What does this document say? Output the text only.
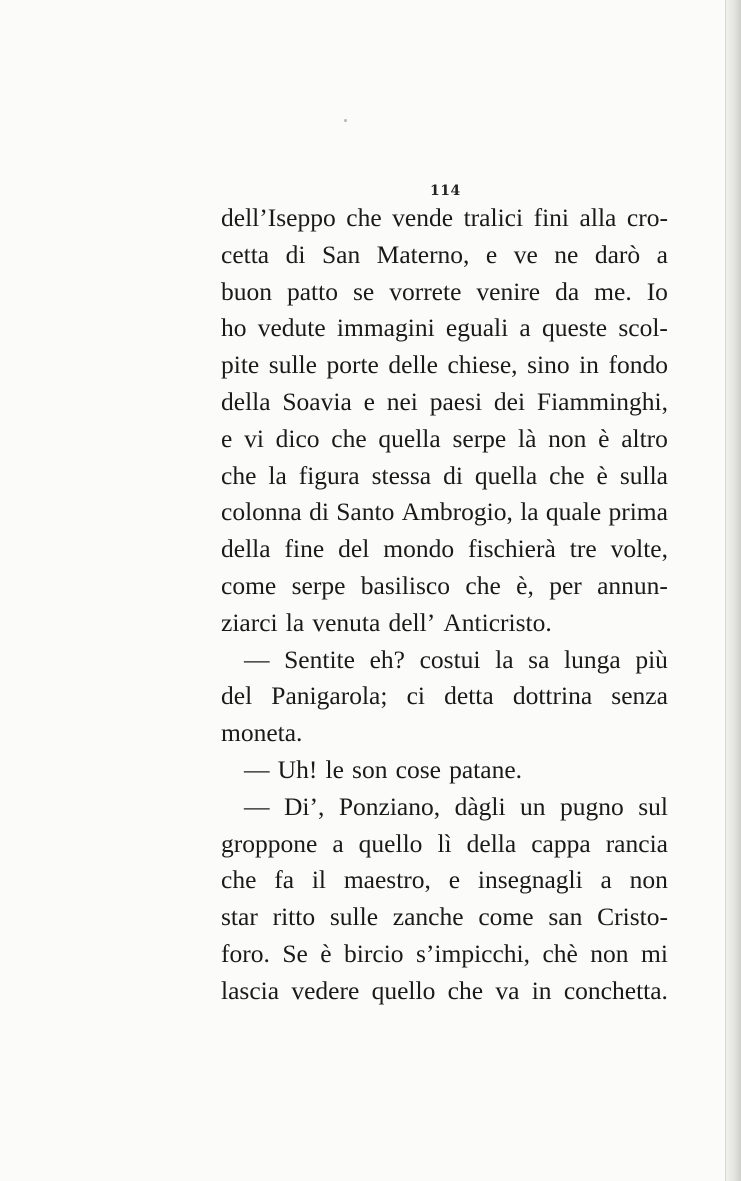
114
dell’Iseppo che vende tralici fini alla cro-
cetta di San Materno, e ve ne darò a
buon patto se vorrete venire da me. Io
ho vedute immagini eguali a queste scol-
pite sulle porte delle chiese, sino in fondo
della Soavia e nei paesi dei Fiamminghi,
e vi dico che quella serpe là non è altro
che la figura stessa di quella che è sulla
colonna di Santo Ambrogio, la quale prima
della fine del mondo fischierà tre volte,
come serpe basilisco che è, per annun-
ziarci la venuta dell’ Anticristo.
— Sentite eh? costui la sa lunga più
del Panigarola; ci detta dottrina senza
moneta.
— Uh! le son cose patane.
— Di’, Ponziano, dàgli un pugno sul
groppone a quello lì della cappa rancia
che fa il maestro, e insegnagli a non
star ritto sulle zanche come san Cristo-
foro. Se è bircio s’impicchi, chè non mi
lascia vedere quello che va in conchetta.
